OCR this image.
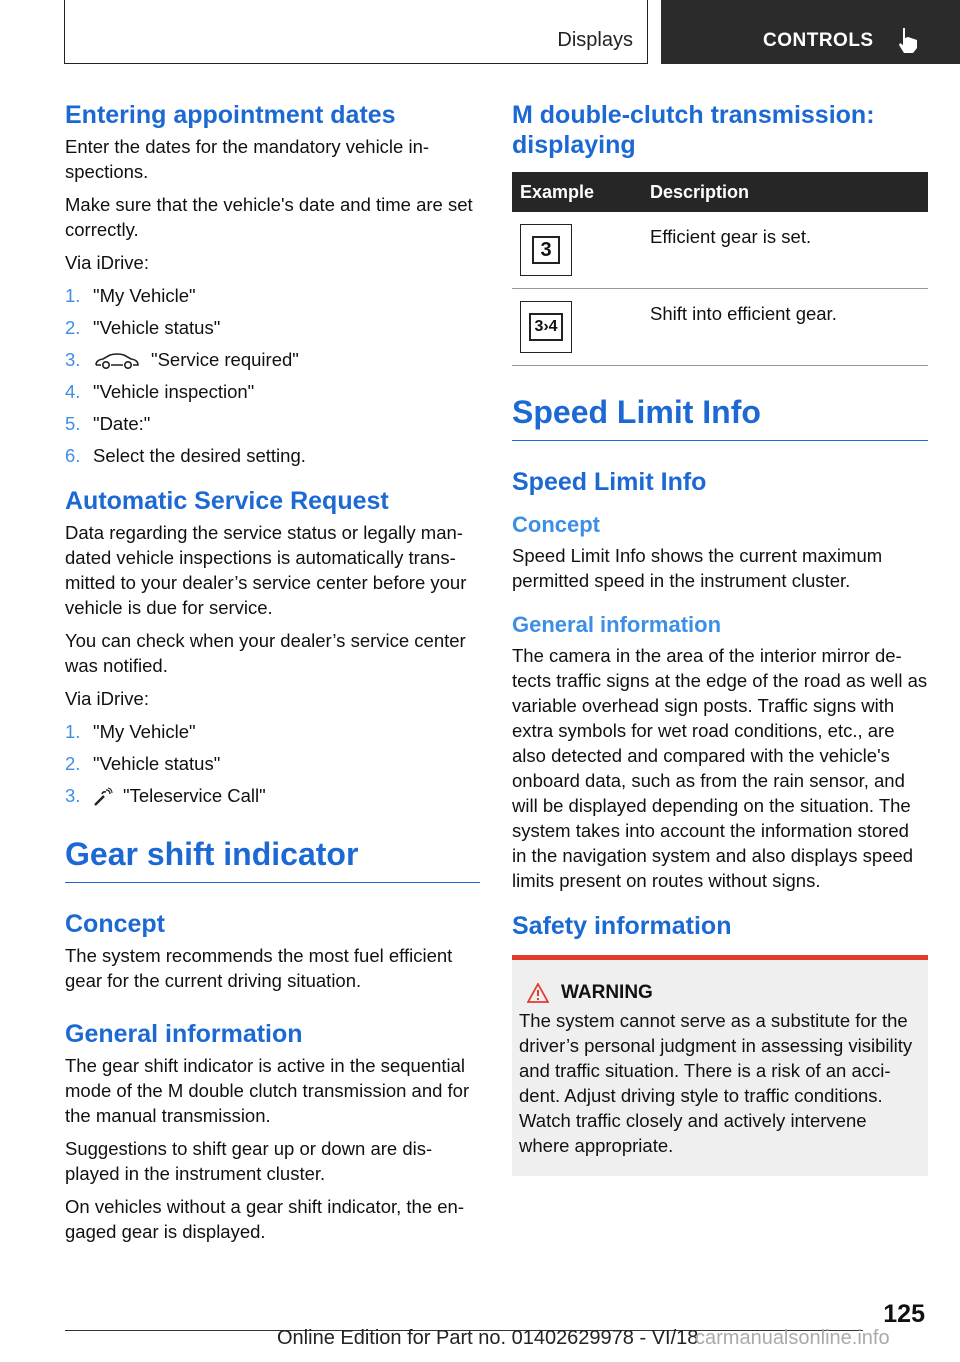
Displays	CONTROLS
Entering appointment dates

Enter the dates for the mandatory vehicle inspections.

Make sure that the vehicle's date and time are set correctly.

Via iDrive:

1. "My Vehicle"
2. "Vehicle status"
3.	"Service required"
4. "Vehicle inspection"
5. "Date:"
6. Select the desired setting.
Automatic Service Request

Data regarding the service status or legally mandated vehicle inspections is automatically transmitted to your dealer’s service center before your vehicle is due for service.

You can check when your dealer’s service center was notified.

Via iDrive:

1. "My Vehicle"
2. "Vehicle status"
3.	"Teleservice Call"
Gear shift indicator
Concept

The system recommends the most fuel efficient gear for the current driving situation.

General information

The gear shift indicator is active in the sequential mode of the M double clutch transmission and for the manual transmission.

Suggestions to shift gear up or down are displayed in the instrument cluster.

On vehicles without a gear shift indicator, the engaged gear is displayed.

M double-clutch transmission: displaying
Example	Description

3	Efficient gear is set.

3›4	Shift into efficient gear.
Speed Limit Info
Speed Limit Info
Concept

Speed Limit Info shows the current maximum permitted speed in the instrument cluster.

General information

The camera in the area of the interior mirror detects traffic signs at the edge of the road as well as variable overhead sign posts. Traffic signs with extra symbols for wet road conditions, etc., are also detected and compared with the vehicle's onboard data, such as from the rain sensor, and will be displayed depending on the situation. The system takes into account the information stored in the navigation system and also displays speed limits present on routes without signs.

Safety information
WARNING

The system cannot serve as a substitute for the driver’s personal judgment in assessing visibility and traffic situation. There is a risk of an accident. Adjust driving style to traffic conditions. Watch traffic closely and actively intervene where appropriate.

125
Online Edition for Part no. 01402629978 - VI/18
carmanualsonline.info
